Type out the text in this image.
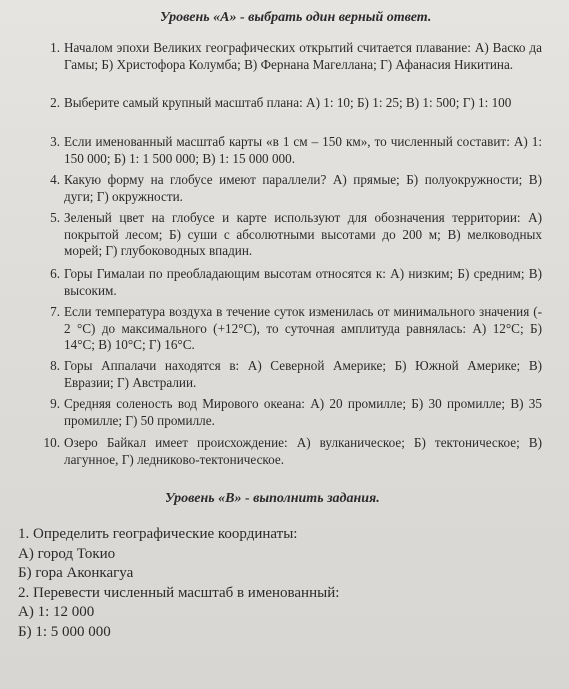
Уровень «А» - выбрать один верный ответ.
1. Началом эпохи Великих географических открытий считается плавание: А) Васко да Гамы; Б) Христофора Колумба; В) Фернана Магеллана; Г) Афанасия Никитина.
2. Выберите самый крупный масштаб плана: А) 1: 10; Б) 1: 25; В) 1: 500; Г) 1: 100
3. Если именованный масштаб карты «в 1 см – 150 км», то численный составит: А) 1: 150 000; Б) 1: 1 500 000; В) 1: 15 000 000.
4. Какую форму на глобусе имеют параллели? А) прямые; Б) полуокружности; В) дуги; Г) окружности.
5. Зеленый цвет на глобусе и карте используют для обозначения территории: А) покрытой лесом; Б) суши с абсолютными высотами до 200 м; В) мелководных морей; Г) глубоководных впадин.
6. Горы Гималаи по преобладающим высотам относятся к: А) низким; Б) средним; В) высоким.
7. Если температура воздуха в течение суток изменилась от минимального значения (- 2 °С) до максимального (+12°С), то суточная амплитуда равнялась: А) 12°С; Б) 14°С; В) 10°С; Г) 16°С.
8. Горы Аппалачи находятся в: А) Северной Америке; Б) Южной Америке; В) Евразии; Г) Австралии.
9. Средняя соленость вод Мирового океана: А) 20 промилле; Б) 30 промилле; В) 35 промилле; Г) 50 промилле.
10. Озеро Байкал имеет происхождение: А) вулканическое; Б) тектоническое; В) лагунное, Г) ледниково-тектоническое.
Уровень «В» - выполнить задания.
1. Определить географические координаты:
А) город Токио
Б) гора Аконкагуа
2. Перевести численный масштаб в именованный:
А) 1: 12 000
Б) 1: 5 000 000
